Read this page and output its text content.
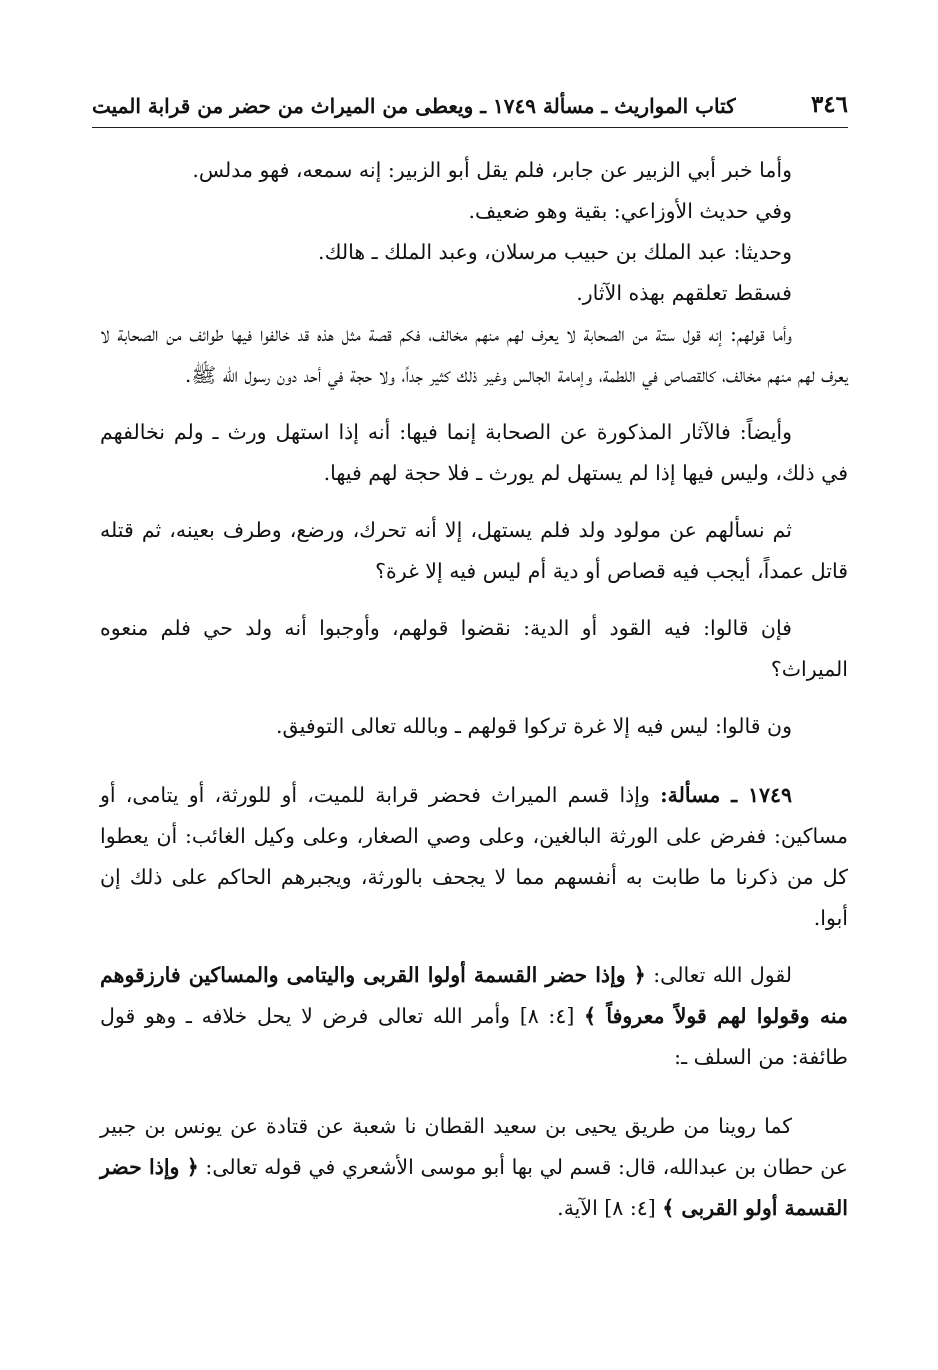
٣٤٦
كتاب المواريث ـ مسألة ١٧٤٩ ـ ويعطى من الميراث من حضر من قرابة الميت

وأما خبر أبي الزبير عن جابر، فلم يقل أبو الزبير: إنه سمعه، فهو مدلس.

وفي حديث الأوزاعي: بقية وهو ضعيف.

وحديثا: عبد الملك بن حبيب مرسلان، وعبد الملك ـ هالك.

فسقط تعلقهم بهذه الآثار.

وأما قولهم: إنه قول ستة من الصحابة لا يعرف لهم منهم مخالف، فكم قصة مثل هذه قد خالفوا فيها طوائف من الصحابة لا يعرف لهم منهم مخالف، كالقصاص في اللطمة، وإمامة الجالس وغير ذلك كثير جداً، ولا حجة في أحد دون رسول الله ﷺ.

وأيضاً: فالآثار المذكورة عن الصحابة إنما فيها: أنه إذا استهل ورث ـ ولم نخالفهم في ذلك، وليس فيها إذا لم يستهل لم يورث ـ فلا حجة لهم فيها.

ثم نسألهم عن مولود ولد فلم يستهل، إلا أنه تحرك، ورضع، وطرف بعينه، ثم قتله قاتل عمداً، أيجب فيه قصاص أو دية أم ليس فيه إلا غرة؟

فإن قالوا: فيه القود أو الدية: نقضوا قولهم، وأوجبوا أنه ولد حي فلم منعوه الميراث؟

ون قالوا: ليس فيه إلا غرة تركوا قولهم ـ وبالله تعالى التوفيق.

١٧٤٩ ـ مسألة: وإذا قسم الميراث فحضر قرابة للميت، أو للورثة، أو يتامى، أو مساكين: ففرض على الورثة البالغين، وعلى وصي الصغار، وعلى وكيل الغائب: أن يعطوا كل من ذكرنا ما طابت به أنفسهم مما لا يجحف بالورثة، ويجبرهم الحاكم على ذلك إن أبوا.

لقول الله تعالى: ﴿ وإذا حضر القسمة أولوا القربى واليتامى والمساكين فارزقوهم منه وقولوا لهم قولاً معروفاً ﴾ [٤: ٨] وأمر الله تعالى فرض لا يحل خلافه ـ وهو قول طائفة: من السلف ـ:

كما روينا من طريق يحيى بن سعيد القطان نا شعبة عن قتادة عن يونس بن جبير عن حطان بن عبدالله، قال: قسم لي بها أبو موسى الأشعري في قوله تعالى: ﴿ وإذا حضر القسمة أولو القربى ﴾ [٤: ٨] الآية.
